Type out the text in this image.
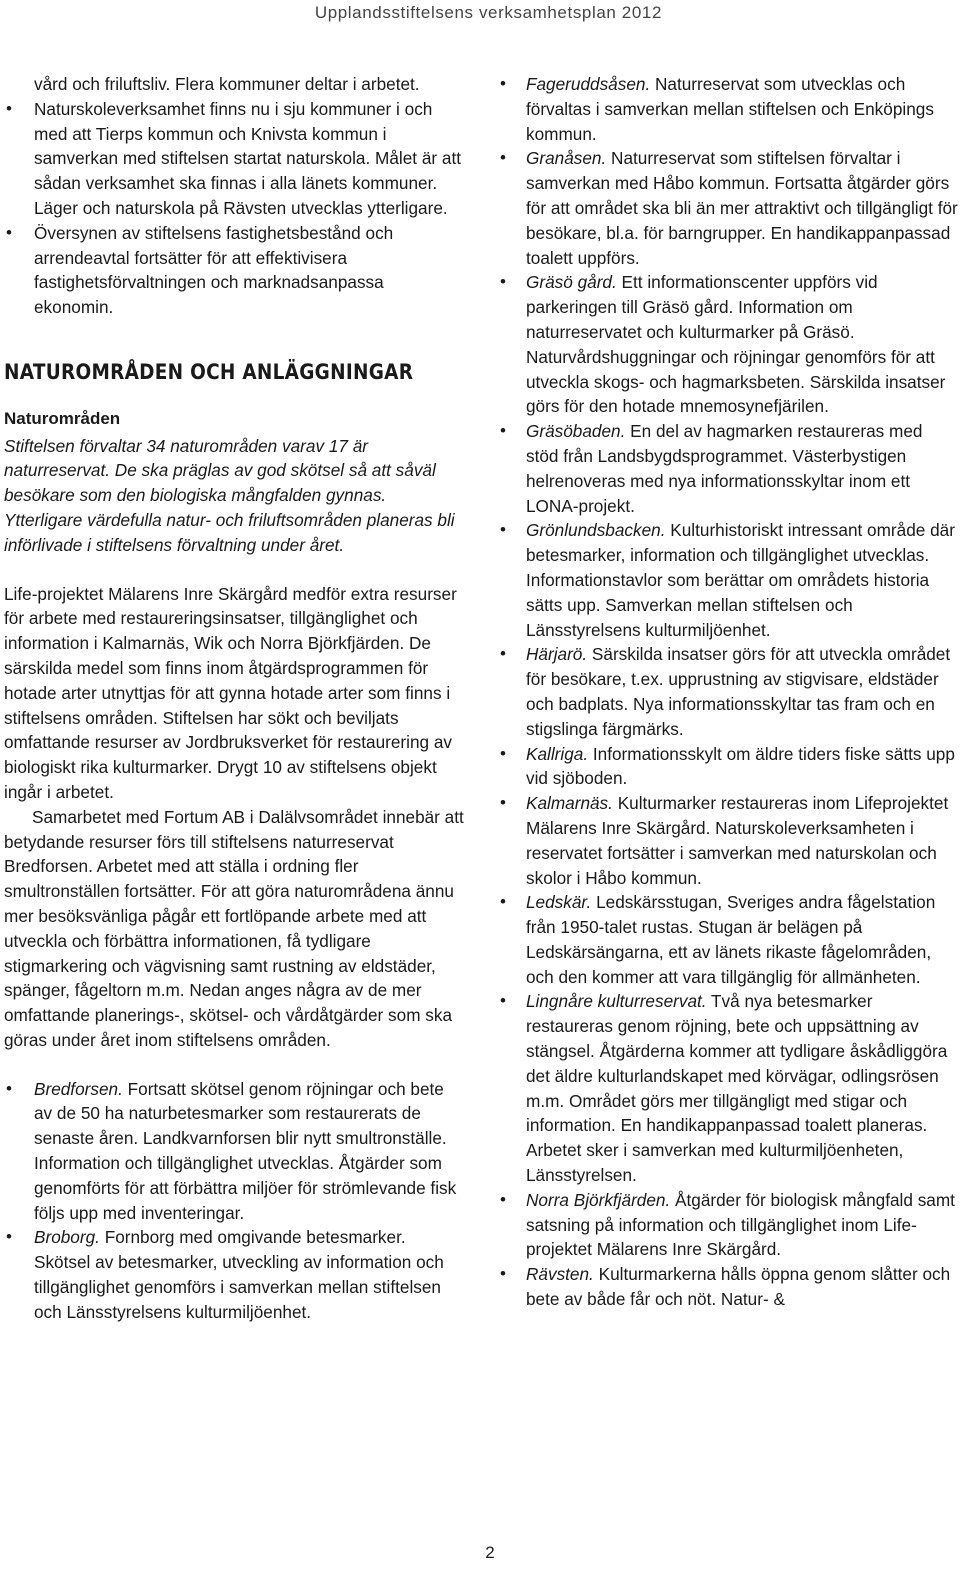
Upplandsstiftelsens verksamhetsplan 2012

vård och friluftsliv. Flera kommuner deltar i arbetet.

• Naturskoleverksamhet finns nu i sju kommuner i och med att Tierps kommun och Knivsta kommun i samverkan med stiftelsen startat naturskola. Målet är att sådan verksamhet ska finnas i alla länets kommuner. Läger och naturskola på Rävsten utvecklas ytterligare.
• Översynen av stiftelsens fastighetsbestånd och arrendeavtal fortsätter för att effektivisera fastighetsförvaltningen och marknadsanpassa ekonomin.
NATUROMRÅDEN OCH ANLÄGGNINGAR
Naturområden

Stiftelsen förvaltar 34 naturområden varav 17 är naturreservat. De ska präglas av god skötsel så att såväl besökare som den biologiska mångfalden gynnas. Ytterligare värdefulla natur- och friluftsområden planeras bli införlivade i stiftelsens förvaltning under året.

Life-projektet Mälarens Inre Skärgård medför extra resurser för arbete med restaureringsinsatser, tillgänglighet och information i Kalmarnäs, Wik och Norra Björkfjärden. De särskilda medel som finns inom åtgärdsprogrammen för hotade arter utnyttjas för att gynna hotade arter som finns i stiftelsens områden. Stiftelsen har sökt och beviljats omfattande resurser av Jordbruksverket för restaurering av biologiskt rika kulturmarker. Drygt 10 av stiftelsens objekt ingår i arbetet.

Samarbetet med Fortum AB i Dalälvsområdet innebär att betydande resurser förs till stiftelsens naturreservat Bredforsen. Arbetet med att ställa i ordning fler smultronställen fortsätter. För att göra naturområdena ännu mer besöksvänliga pågår ett fortlöpande arbete med att utveckla och förbättra informationen, få tydligare stigmarkering och vägvisning samt rustning av eldstäder, spänger, fågeltorn m.m. Nedan anges några av de mer omfattande planerings-, skötsel- och vårdåtgärder som ska göras under året inom stiftelsens områden.

• Bredforsen. Fortsatt skötsel genom röjningar och bete av de 50 ha naturbetesmarker som restaurerats de senaste åren. Landkvarnforsen blir nytt smultronställe. Information och tillgänglighet utvecklas. Åtgärder som genomförts för att förbättra miljöer för strömlevande fisk följs upp med inventeringar.
• Broborg. Fornborg med omgivande betesmarker. Skötsel av betesmarker, utveckling av information och tillgänglighet genomförs i samverkan mellan stiftelsen och Länsstyrelsens kulturmiljöenhet.
• Fageruddsåsen. Naturreservat som utvecklas och förvaltas i samverkan mellan stiftelsen och Enköpings kommun.
• Granåsen. Naturreservat som stiftelsen förvaltar i samverkan med Håbo kommun. Fortsatta åtgärder görs för att området ska bli än mer attraktivt och tillgängligt för besökare, bl.a. för barngrupper. En handikappanpassad toalett uppförs.
• Gräsö gård. Ett informationscenter uppförs vid parkeringen till Gräsö gård. Information om naturreservatet och kulturmarker på Gräsö. Naturvårdshuggningar och röjningar genomförs för att utveckla skogs- och hagmarksbeten. Särskilda insatser görs för den hotade mnemosynefjärilen.
• Gräsöbaden. En del av hagmarken restaureras med stöd från Landsbygdsprogrammet. Västerbystigen helrenoveras med nya informationsskyltar inom ett LONA-projekt.
• Grönlundsbacken. Kulturhistoriskt intressant område där betesmarker, information och tillgänglighet utvecklas. Informationstavlor som berättar om områdets historia sätts upp. Samverkan mellan stiftelsen och Länsstyrelsens kulturmiljöenhet.
• Härjarö. Särskilda insatser görs för att utveckla området för besökare, t.ex. upprustning av stigvisare, eldstäder och badplats. Nya informationsskyltar tas fram och en stigslinga färgmärks.
• Kallriga. Informationsskylt om äldre tiders fiske sätts upp vid sjöboden.
• Kalmarnäs. Kulturmarker restaureras inom Lifeprojektet Mälarens Inre Skärgård. Naturskoleverksamheten i reservatet fortsätter i samverkan med naturskolan och skolor i Håbo kommun.
• Ledskär. Ledskärsstugan, Sveriges andra fågelstation från 1950-talet rustas. Stugan är belägen på Ledskärsängarna, ett av länets rikaste fågelområden, och den kommer att vara tillgänglig för allmänheten.
• Lingnåre kulturreservat. Två nya betesmarker restaureras genom röjning, bete och uppsättning av stängsel. Åtgärderna kommer att tydligare åskådliggöra det äldre kulturlandskapet med körvägar, odlingsrösen m.m. Området görs mer tillgängligt med stigar och information. En handikappanpassad toalett planeras. Arbetet sker i samverkan med kulturmiljöenheten, Länsstyrelsen.
• Norra Björkfjärden. Åtgärder för biologisk mångfald samt satsning på information och tillgänglighet inom Life-projektet Mälarens Inre Skärgård.
• Rävsten. Kulturmarkerna hålls öppna genom slåtter och bete av både får och nöt. Natur- &
2
